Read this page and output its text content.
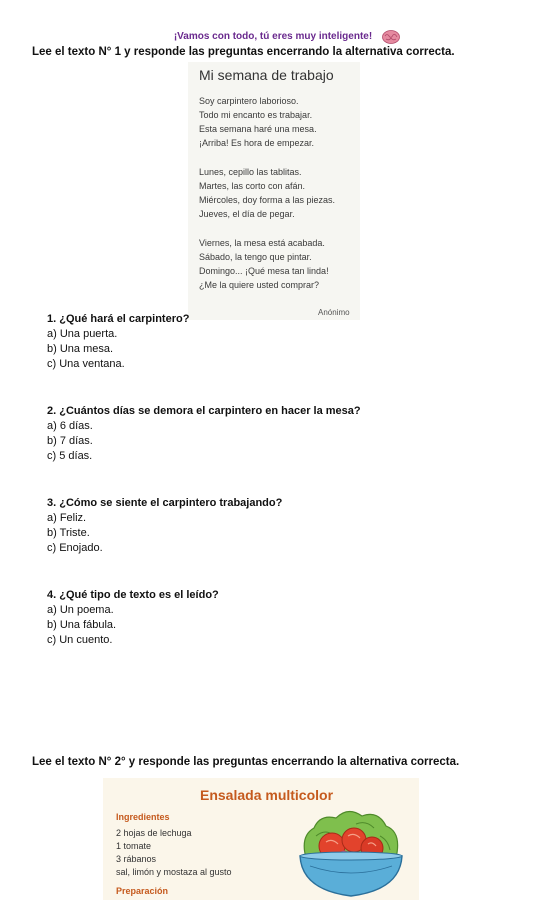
¡Vamos con todo, tú eres muy inteligente!
Lee el texto N° 1 y responde las preguntas encerrando la alternativa correcta.
Mi semana de trabajo
Soy carpintero laborioso.
Todo mi encanto es trabajar.
Esta semana haré una mesa.
¡Arriba! Es hora de empezar.
Lunes, cepillo las tablitas.
Martes, las corto con afán.
Miércoles, doy forma a las piezas.
Jueves, el día de pegar.
Viernes, la mesa está acabada.
Sábado, la tengo que pintar.
Domingo... ¡Qué mesa tan linda!
¿Me la quiere usted comprar?
Anónimo
1. ¿Qué hará el carpintero?
a) Una puerta.
b) Una mesa.
c) Una ventana.
2. ¿Cuántos días se demora el carpintero en hacer la mesa?
a) 6 días.
b) 7 días.
c) 5 días.
3. ¿Cómo se siente el carpintero trabajando?
a) Feliz.
b) Triste.
c) Enojado.
4. ¿Qué tipo de texto es el leído?
a) Un poema.
b) Una fábula.
c) Un cuento.
Lee el texto N° 2° y responde las preguntas encerrando la alternativa correcta.
Ensalada multicolor
Ingredientes
2 hojas de lechuga
1 tomate
3 rábanos
sal, limón y mostaza al gusto
Preparación
